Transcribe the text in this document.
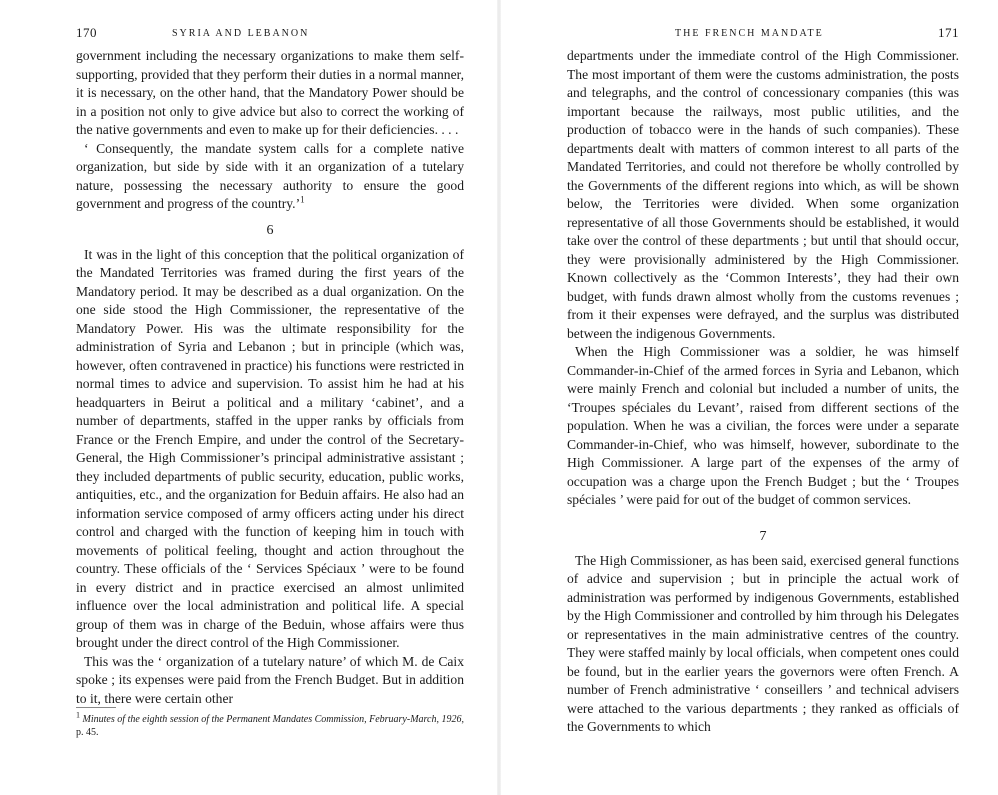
170	SYRIA AND LEBANON

government including the necessary organizations to make them self-supporting, provided that they perform their duties in a normal manner, it is necessary, on the other hand, that the Mandatory Power should be in a position not only to give advice but also to correct the working of the native governments and even to make up for their deficiencies. . . .

‘ Consequently, the mandate system calls for a complete native organization, but side by side with it an organization of a tutelary nature, possessing the necessary authority to ensure the good government and progress of the country.’$^1$

6

It was in the light of this conception that the political organization of the Mandated Territories was framed during the first years of the Mandatory period. It may be described as a dual organization. On the one side stood the High Commissioner, the representative of the Mandatory Power. His was the ultimate responsibility for the administration of Syria and Lebanon ; but in principle (which was, however, often contravened in practice) his functions were restricted in normal times to advice and supervision. To assist him he had at his headquarters in Beirut a political and a military ‘cabinet’, and a number of departments, staffed in the upper ranks by officials from France or the French Empire, and under the control of the Secretary-General, the High Commissioner’s principal administrative assistant ; they included departments of public security, education, public works, antiquities, etc., and the organization for Beduin affairs. He also had an information service composed of army officers acting under his direct control and charged with the function of keeping him in touch with movements of political feeling, thought and action throughout the country. These officials of the ‘ Services Spéciaux ’ were to be found in every district and in practice exercised an almost unlimited influence over the local administration and political life. A special group of them was in charge of the Beduin, whose affairs were thus brought under the direct control of the High Commissioner.

This was the ‘ organization of a tutelary nature’ of which M. de Caix spoke ; its expenses were paid from the French Budget. But in addition to it, there were certain other

$^1$ Minutes of the eighth session of the Permanent Mandates Commission, February-March, 1926, p. 45.
THE FRENCH MANDATE	171

departments under the immediate control of the High Commissioner. The most important of them were the customs administration, the posts and telegraphs, and the control of concessionary companies (this was important because the railways, most public utilities, and the production of tobacco were in the hands of such companies). These departments dealt with matters of common interest to all parts of the Mandated Territories, and could not therefore be wholly controlled by the Governments of the different regions into which, as will be shown below, the Territories were divided. When some organization representative of all those Governments should be established, it would take over the control of these departments ; but until that should occur, they were provisionally administered by the High Commissioner. Known collectively as the ‘Common Interests’, they had their own budget, with funds drawn almost wholly from the customs revenues ; from it their expenses were defrayed, and the surplus was distributed between the indigenous Governments.

When the High Commissioner was a soldier, he was himself Commander-in-Chief of the armed forces in Syria and Lebanon, which were mainly French and colonial but included a number of units, the ‘Troupes spéciales du Levant’, raised from different sections of the population. When he was a civilian, the forces were under a separate Commander-in-Chief, who was himself, however, subordinate to the High Commissioner. A large part of the expenses of the army of occupation was a charge upon the French Budget ; but the ‘ Troupes spéciales ’ were paid for out of the budget of common services.

7

The High Commissioner, as has been said, exercised general functions of advice and supervision ; but in principle the actual work of administration was performed by indigenous Governments, established by the High Commissioner and controlled by him through his Delegates or representatives in the main administrative centres of the country. They were staffed mainly by local officials, when competent ones could be found, but in the earlier years the governors were often French. A number of French administrative ‘ conseillers ’ and technical advisers were attached to the various departments ; they ranked as officials of the Governments to which
